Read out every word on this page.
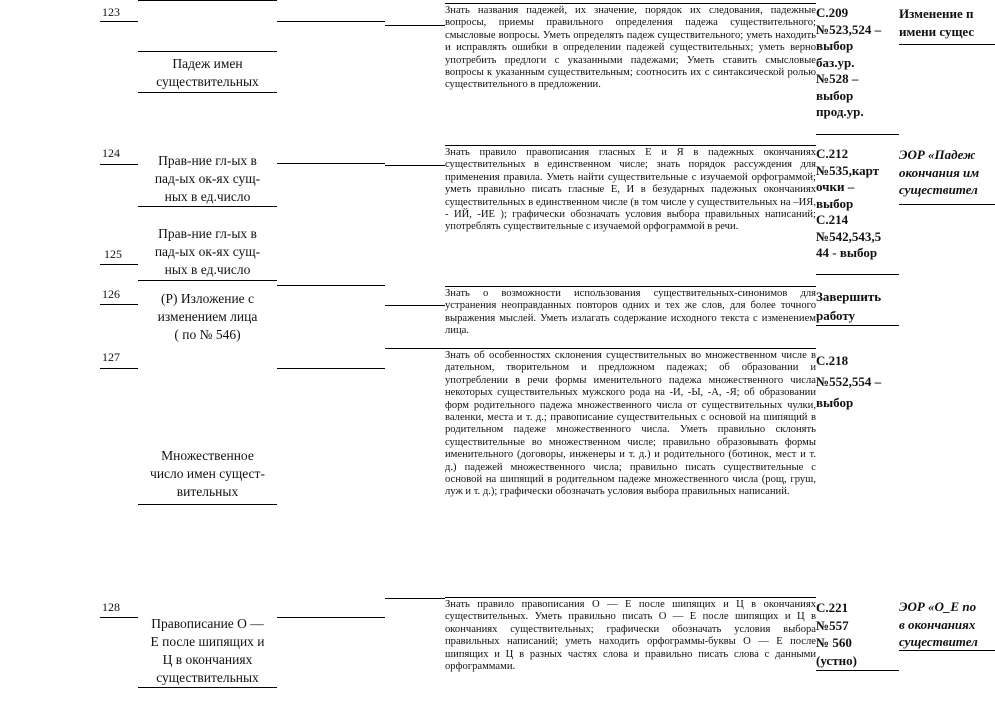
123
Падеж имен
существительных

Знать названия падежей, их значение, порядок их следования, падежные вопросы, приемы правильного определения падежа существительного; смысловые вопросы. Уметь определять падеж существительного; уметь находить и исправлять ошибки в определении падежей существительных; уметь верно употребить предлоги с указанными падежами; Уметь ставить смысловые вопросы к указанным существительным; соотносить их с синтаксической ролью существительного в предложении.

С.209
№523,524 –
выбор
баз.ур.
№528 –
выбор
прод.ур.
Изменение п
имени сущес
124	Прав-ние гл-ых в
пад-ых ок-ях сущ-
ных в ед.число

Знать правило правописания гласных Е и Я в падежных окончаниях существительных в единственном числе; знать порядок рассуждения для применения правила. Уметь найти существительные с изучаемой орфограммой; уметь правильно писать гласные Е, И в безударных падежных окончаниях существительных в единственном числе (в том числе у существительных на –ИЯ, - ИЙ, -ИЕ ); графически обозначать условия выбора правильных написаний; употреблять существительные с изучаемой орфограммой в речи.

С.212
№535,карт
очки –
выбор
С.214
№542,543,5
44 - выбор
ЭОР «Падеж
окончания им
существител
125
Прав-ние гл-ых в
пад-ых ок-ях сущ-
ных в ед.число
126	(Р) Изложение с
изменением лица
( по № 546)

Знать о возможности использования существительных-синонимов для устранения неоправданных повторов одних и тех же слов, для более точного выражения мыслей. Уметь излагать содержание исходного текста с изменением лица.

Завершить
работу
127
Множественное
число имен сущест-
вительных

Знать об особенностях склонения существительных во множественном числе в дательном, творительном и предложном падежах; об образовании и употреблении в речи формы именительного падежа множественного числа некоторых существительных мужского рода на -И, -Ы, -А, -Я; об образовании форм родительного падежа множественного числа от существительных чулки, валенки, места и т. д.; правописание существительных с основой на шипящий в родительном падеже множественного числа. Уметь правильно склонять существительные во множественном числе; правильно образовывать формы именительного (договоры, инженеры и т. д.) и родительного (ботинок, мест и т. д.) падежей множественного числа; правильно писать существительные с основой на шипящий в родительном падеже множественного числа (рощ, груш, луж и т. д.); графически обозначать условия выбора правильных написаний.

С.218
№552,554 –
выбор
128
Правописание О —
Е после шипящих и
Ц в окончаниях
существительных

Знать правило правописания О — Е после шипящих и Ц в окончаниях существительных. Уметь правильно писать О — Е после шипящих и Ц в окончаниях существительных; графически обозначать условия выбора правильных написаний; уметь находить орфограммы-буквы О — Е после шипящих и Ц в разных частях слова и правильно писать слова с данными орфограммами.

С.221
№557
№ 560
(устно)
ЭОР «О_Е по
в окончаниях
существител
